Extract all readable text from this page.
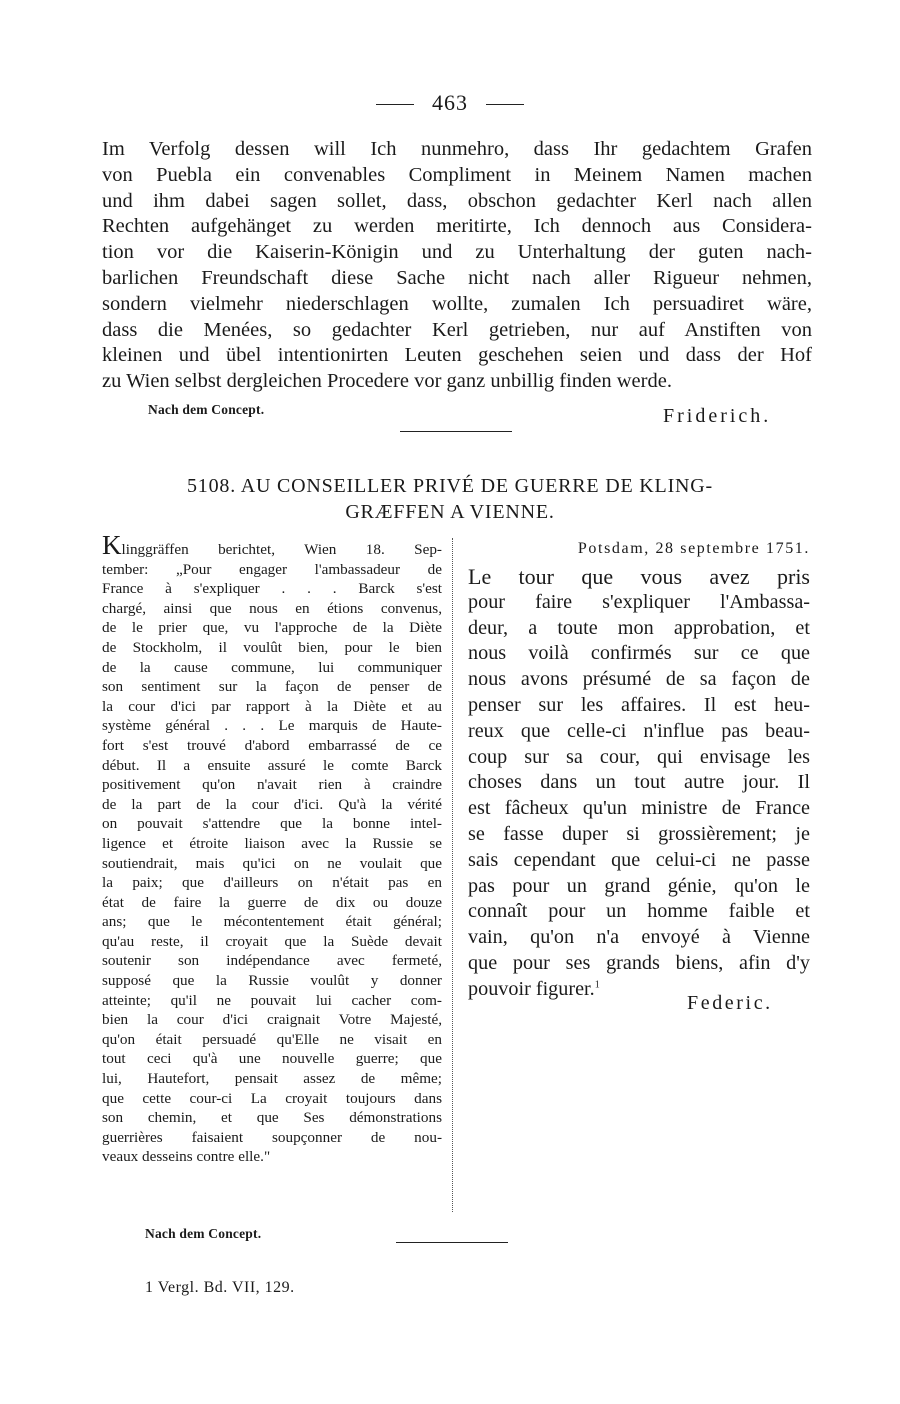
463
Im Verfolg dessen will Ich nunmehro, dass Ihr gedachtem Grafen
von Puebla ein convenables Compliment in Meinem Namen machen
und ihm dabei sagen sollet, dass, obschon gedachter Kerl nach allen
Rechten aufgehänget zu werden meritirte, Ich dennoch aus Considera-
tion vor die Kaiserin-Königin und zu Unterhaltung der guten nach-
barlichen Freundschaft diese Sache nicht nach aller Rigueur nehmen,
sondern vielmehr niederschlagen wollte, zumalen Ich persuadiret wäre,
dass die Menées, so gedachter Kerl getrieben, nur auf Anstiften von
kleinen und übel intentionirten Leuten geschehen seien und dass der Hof
zu Wien selbst dergleichen Procedere vor ganz unbillig finden werde.
Nach dem Concept.	Friderich.
5108. AU CONSEILLER PRIVÉ DE GUERRE DE KLING-
GRÆFFEN A VIENNE.
Klinggräffen berichtet, Wien 18. Sep-
tember: „Pour engager l'ambassadeur de
France à s'expliquer . . . Barck s'est
chargé, ainsi que nous en étions convenus,
de le prier que, vu l'approche de la Diète
de Stockholm, il voulût bien, pour le bien
de la cause commune, lui communiquer
son sentiment sur la façon de penser de
la cour d'ici par rapport à la Diète et au
système général . . . Le marquis de Haute-
fort s'est trouvé d'abord embarrassé de ce
début. Il a ensuite assuré le comte Barck
positivement qu'on n'avait rien à craindre
de la part de la cour d'ici. Qu'à la vérité
on pouvait s'attendre que la bonne intel-
ligence et étroite liaison avec la Russie se
soutiendrait, mais qu'ici on ne voulait que
la paix; que d'ailleurs on n'était pas en
état de faire la guerre de dix ou douze
ans; que le mécontentement était général;
qu'au reste, il croyait que la Suède devait
soutenir son indépendance avec fermeté,
supposé que la Russie voulût y donner
atteinte; qu'il ne pouvait lui cacher com-
bien la cour d'ici craignait Votre Majesté,
qu'on était persuadé qu'Elle ne visait en
tout ceci qu'à une nouvelle guerre; que
lui, Hautefort, pensait assez de même;
que cette cour-ci La croyait toujours dans
son chemin, et que Ses démonstrations
guerrières faisaient soupçonner de nou-
veaux desseins contre elle."
Nach dem Concept.
Potsdam, 28 septembre 1751.
Le tour que vous avez pris
pour faire s'expliquer l'Ambassa-
deur, a toute mon approbation, et
nous voilà confirmés sur ce que
nous avons présumé de sa façon de
penser sur les affaires. Il est heu-
reux que celle-ci n'influe pas beau-
coup sur sa cour, qui envisage les
choses dans un tout autre jour. Il
est fâcheux qu'un ministre de France
se fasse duper si grossièrement; je
sais cependant que celui-ci ne passe
pas pour un grand génie, qu'on le
connaît pour un homme faible et
vain, qu'on n'a envoyé à Vienne
que pour ses grands biens, afin d'y
pouvoir figurer.$^1$
Federic.
1 Vergl. Bd. VII, 129.
